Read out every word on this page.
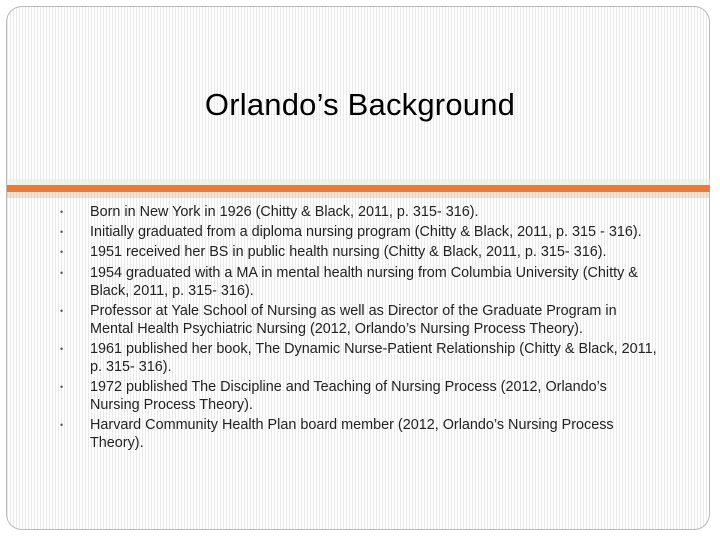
Orlando’s Background
• Born in New York in 1926 (Chitty & Black, 2011, p. 315- 316).
• Initially graduated from a diploma nursing program (Chitty & Black, 2011, p. 315 - 316).
• 1951 received her BS in public health nursing (Chitty & Black, 2011, p. 315- 316).
• 1954 graduated with a MA in mental health nursing from Columbia University (Chitty & Black, 2011, p. 315- 316).
• Professor at Yale School of Nursing as well as Director of the Graduate Program in Mental Health Psychiatric Nursing (2012, Orlando’s Nursing Process Theory).
• 1961 published her book, The Dynamic Nurse-Patient Relationship (Chitty & Black, 2011, p. 315- 316).
• 1972 published The Discipline and Teaching of Nursing Process (2012, Orlando’s Nursing Process Theory).
• Harvard Community Health Plan board member (2012, Orlando’s Nursing Process Theory).
